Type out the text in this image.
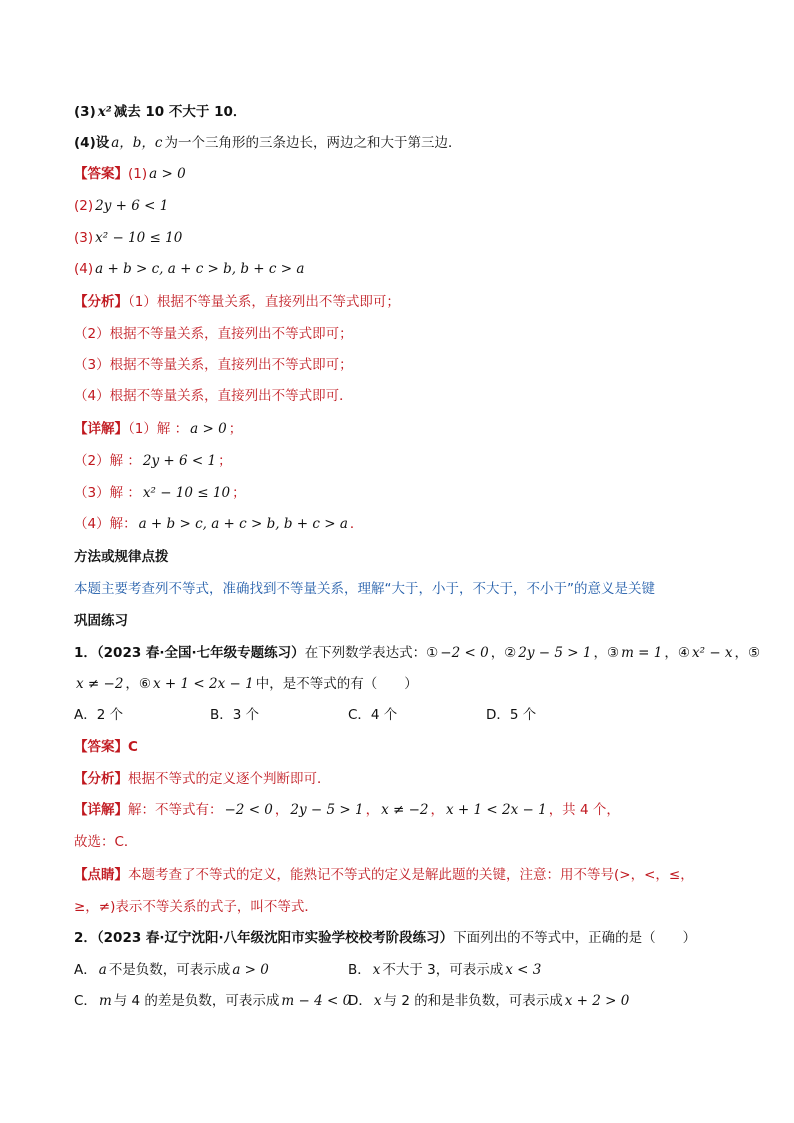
(3) x² 减去 10 不大于 10．
(4)设 a，b，c 为一个三角形的三条边长，两边之和大于第三边．
【答案】(1) a > 0
(2) 2y + 6 < 1
(3) x² − 10 ≤ 10
(4) a + b > c, a + c > b, b + c > a
【分析】（1）根据不等量关系，直接列出不等式即可；
（2）根据不等量关系，直接列出不等式即可；
（3）根据不等量关系，直接列出不等式即可；
（4）根据不等量关系，直接列出不等式即可．
【详解】（1）解 ： a > 0 ；
（2）解 ： 2y + 6 < 1 ；
（3）解 ： x² − 10 ≤ 10 ；
（4）解： a + b > c, a + c > b, b + c > a ．
方法或规律点拨
本题主要考查列不等式，准确找到不等量关系，理解“大于，小于，不大于，不小于”的意义是关键
巩固练习
1．（2023 春·全国·七年级专题练习）在下列数学表达式：① −2 < 0 ，② 2y − 5 > 1 ，③ m = 1 ，④ x² − x ，⑤
x ≠ −2 ，⑥ x + 1 < 2x − 1 中，是不等式的有（　　）
A．2 个	B．3 个	C．4 个	D．5 个
【答案】C
【分析】根据不等式的定义逐个判断即可．
【详解】解：不等式有： −2 < 0 ， 2y − 5 > 1 ， x ≠ −2 ， x + 1 < 2x − 1 ，共 4 个，
故选：C．
【点睛】本题考查了不等式的定义，能熟记不等式的定义是解此题的关键，注意：用不等号(>，<，≤，
≥，≠)表示不等关系的式子，叫不等式．
2．（2023 春·辽宁沈阳·八年级沈阳市实验学校校考阶段练习）下面列出的不等式中，正确的是（　　）
A． a 不是负数，可表示成 a > 0	B． x 不大于 3，可表示成 x < 3
C． m 与 4 的差是负数，可表示成 m − 4 < 0
D． x 与 2 的和是非负数，可表示成 x + 2 > 0
